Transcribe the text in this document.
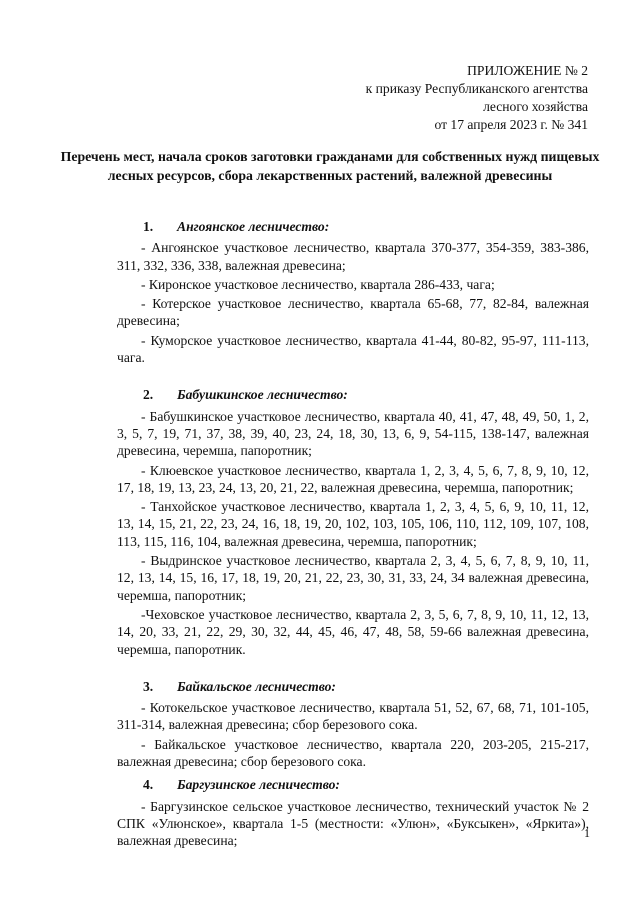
ПРИЛОЖЕНИЕ № 2
к приказу Республиканского агентства
лесного хозяйства
от 17 апреля 2023 г. № 341
Перечень мест, начала сроков заготовки гражданами для собственных нужд пищевых лесных ресурсов, сбора лекарственных растений, валежной древесины
1.	Ангоянское лесничество:

- Ангоянское участковое лесничество, квартала 370-377, 354-359, 383-386, 311, 332, 336, 338, валежная древесина;

- Киронское участковое лесничество, квартала 286-433, чага;

- Котерское участковое лесничество, квартала 65-68, 77, 82-84, валежная древесина;

- Куморское участковое лесничество, квартала 41-44, 80-82, 95-97, 111-113, чага.

2.	Бабушкинское лесничество:

- Бабушкинское участковое лесничество, квартала 40, 41, 47, 48, 49, 50, 1, 2, 3, 5, 7, 19, 71, 37, 38, 39, 40, 23, 24, 18, 30, 13, 6, 9, 54-115, 138-147, валежная древесина, черемша, папоротник;

- Клюевское участковое лесничество, квартала 1, 2, 3, 4, 5, 6, 7, 8, 9, 10, 12, 17, 18, 19, 13, 23, 24, 13, 20, 21, 22, валежная древесина, черемша, папоротник;

- Танхойское участковое лесничество, квартала 1, 2, 3, 4, 5, 6, 9, 10, 11, 12, 13, 14, 15, 21, 22, 23, 24, 16, 18, 19, 20, 102, 103, 105, 106, 110, 112, 109, 107, 108, 113, 115, 116, 104, валежная древесина, черемша, папоротник;

- Выдринское участковое лесничество, квартала 2, 3, 4, 5, 6, 7, 8, 9, 10, 11, 12, 13, 14, 15, 16, 17, 18, 19, 20, 21, 22, 23, 30, 31, 33, 24, 34 валежная древесина, черемша, папоротник;

-Чеховское участковое лесничество, квартала 2, 3, 5, 6, 7, 8, 9, 10, 11, 12, 13, 14, 20, 33, 21, 22, 29, 30, 32, 44, 45, 46, 47, 48, 58, 59-66 валежная древесина, черемша, папоротник.

3.	Байкальское лесничество:

- Котокельское участковое лесничество, квартала 51, 52, 67, 68, 71, 101-105, 311-314, валежная древесина; сбор березового сока.

- Байкальское участковое лесничество, квартала 220, 203-205, 215-217, валежная древесина; сбор березового сока.

4.	Баргузинское лесничество:

- Баргузинское сельское участковое лесничество, технический участок № 2 СПК «Улюнское», квартала 1-5 (местности: «Улюн», «Буксыкен», «Яркита»), валежная древесина;

1
